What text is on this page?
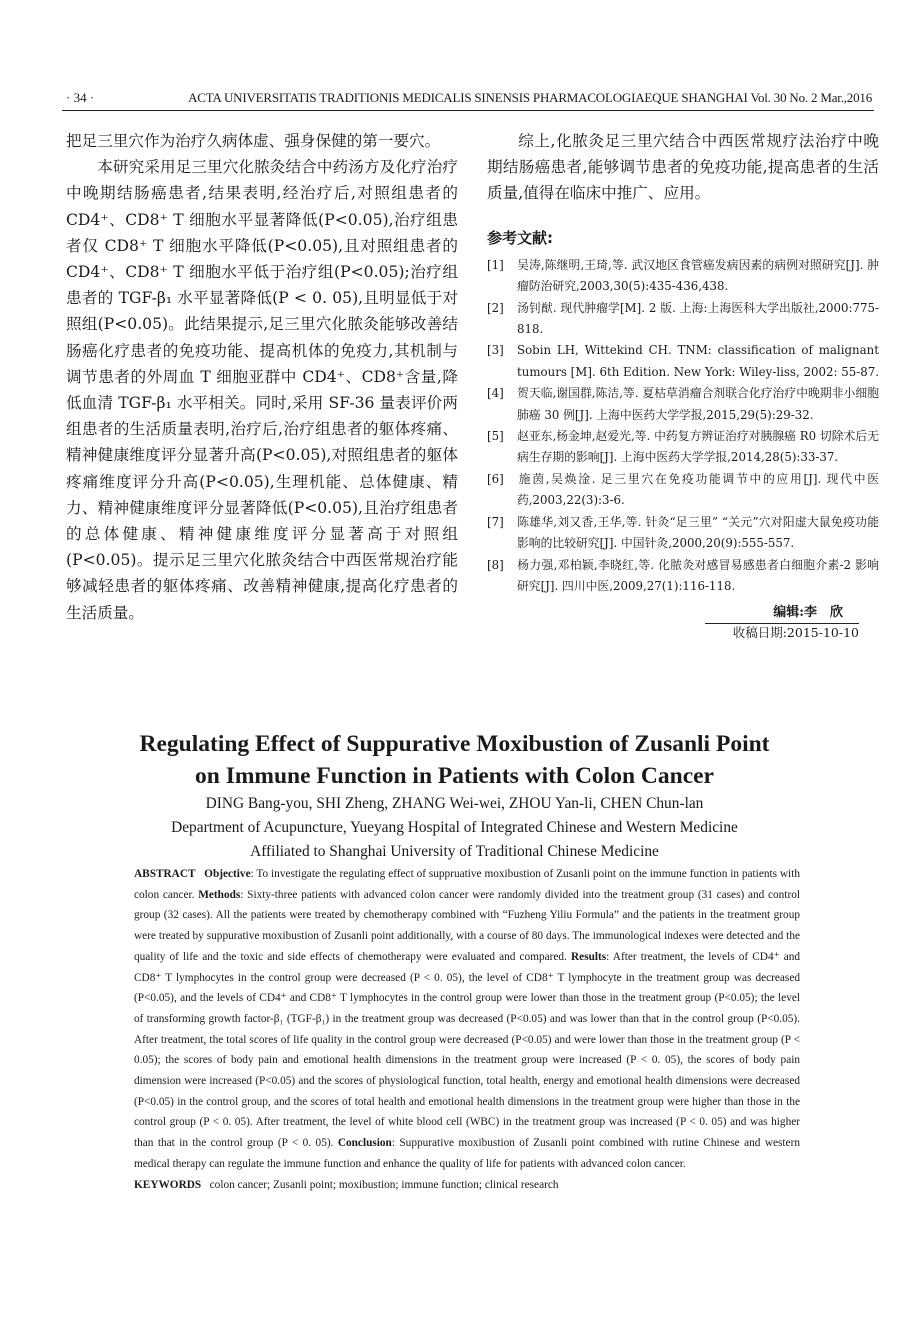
· 34 ·	ACTA UNIVERSITATIS TRADITIONIS MEDICALIS SINENSIS PHARMACOLOGIAEQUE SHANGHAI Vol. 30 No. 2 Mar.,2016

把足三里穴作为治疗久病体虚、强身保健的第一要穴。

本研究采用足三里穴化脓灸结合中药汤方及化疗治疗中晚期结肠癌患者,结果表明,经治疗后,对照组患者的 CD4⁺、CD8⁺ T 细胞水平显著降低(P<0.05),治疗组患者仅 CD8⁺ T 细胞水平降低(P<0.05),且对照组患者的 CD4⁺、CD8⁺ T 细胞水平低于治疗组(P<0.05);治疗组患者的 TGF-β₁ 水平显著降低(P < 0. 05),且明显低于对照组(P<0.05)。此结果提示,足三里穴化脓灸能够改善结肠癌化疗患者的免疫功能、提高机体的免疫力,其机制与调节患者的外周血 T 细胞亚群中 CD4⁺、CD8⁺含量,降低血清 TGF-β₁ 水平相关。同时,采用 SF-36 量表评价两组患者的生活质量表明,治疗后,治疗组患者的躯体疼痛、精神健康维度评分显著升高(P<0.05),对照组患者的躯体疼痛维度评分升高(P<0.05),生理机能、总体健康、精力、精神健康维度评分显著降低(P<0.05),且治疗组患者的总体健康、精神健康维度评分显著高于对照组(P<0.05)。提示足三里穴化脓灸结合中西医常规治疗能够减轻患者的躯体疼痛、改善精神健康,提高化疗患者的生活质量。

综上,化脓灸足三里穴结合中西医常规疗法治疗中晚期结肠癌患者,能够调节患者的免疫功能,提高患者的生活质量,值得在临床中推广、应用。

参考文献:

[1] 吴涛,陈继明,王琦,等. 武汉地区食管癌发病因素的病例对照研究[J]. 肿瘤防治研究,2003,30(5):435-436,438.

[2] 汤钊猷. 现代肿瘤学[M]. 2 版. 上海:上海医科大学出版社,2000:775-818.

[3] Sobin LH, Wittekind CH. TNM: classification of malignant tumours [M]. 6th Edition. New York: Wiley-liss, 2002: 55-87.

[4] 贺天临,谢国群,陈洁,等. 夏枯草消瘤合剂联合化疗治疗中晚期非小细胞肺癌 30 例[J]. 上海中医药大学学报,2015,29(5):29-32.

[5] 赵亚东,杨金坤,赵爱光,等. 中药复方辨证治疗对胰腺癌 R0 切除术后无病生存期的影响[J]. 上海中医药大学学报,2014,28(5):33-37.

[6] 施茵,吴焕淦. 足三里穴在免疫功能调节中的应用[J]. 现代中医药,2003,22(3):3-6.

[7] 陈雄华,刘又香,王华,等. 针灸“足三里” “关元”穴对阳虚大鼠免疫功能影响的比较研究[J]. 中国针灸,2000,20(9):555-557.

[8] 杨力强,邓柏颖,李晓红,等. 化脓灸对感冒易感患者白细胞介素-2 影响研究[J]. 四川中医,2009,27(1):116-118.

编辑:李　欣

收稿日期:2015-10-10

Regulating Effect of Suppurative Moxibustion of Zusanli Point
on Immune Function in Patients with Colon Cancer
DING Bang-you, SHI Zheng, ZHANG Wei-wei, ZHOU Yan-li, CHEN Chun-lan
Department of Acupuncture, Yueyang Hospital of Integrated Chinese and Western Medicine
Affiliated to Shanghai University of Traditional Chinese Medicine

ABSTRACT Objective: To investigate the regulating effect of suppruative moxibustion of Zusanli point on the immune function in patients with colon cancer. Methods: Sixty-three patients with advanced colon cancer were randomly divided into the treatment group (31 cases) and control group (32 cases). All the patients were treated by chemotherapy combined with “Fuzheng Yiliu Formula” and the patients in the treatment group were treated by suppurative moxibustion of Zusanli point additionally, with a course of 80 days. The immunological indexes were detected and the quality of life and the toxic and side effects of chemotherapy were evaluated and compared. Results: After treatment, the levels of CD4⁺ and CD8⁺ T lymphocytes in the control group were decreased (P < 0. 05), the level of CD8⁺ T lymphocyte in the treatment group was decreased (P<0.05), and the levels of CD4⁺ and CD8⁺ T lymphocytes in the control group were lower than those in the treatment group (P<0.05); the level of transforming growth factor-β₁ (TGF-β₁) in the treatment group was decreased (P<0.05) and was lower than that in the control group (P<0.05). After treatment, the total scores of life quality in the control group were decreased (P<0.05) and were lower than those in the treatment group (P < 0.05); the scores of body pain and emotional health dimensions in the treatment group were increased (P < 0. 05), the scores of body pain dimension were increased (P<0.05) and the scores of physiological function, total health, energy and emotional health dimensions were decreased (P<0.05) in the control group, and the scores of total health and emotional health dimensions in the treatment group were higher than those in the control group (P < 0. 05). After treatment, the level of white blood cell (WBC) in the treatment group was increased (P < 0. 05) and was higher than that in the control group (P < 0. 05). Conclusion: Suppurative moxibustion of Zusanli point combined with rutine Chinese and western medical therapy can regulate the immune function and enhance the quality of life for patients with advanced colon cancer.

KEYWORDS colon cancer; Zusanli point; moxibustion; immune function; clinical research
